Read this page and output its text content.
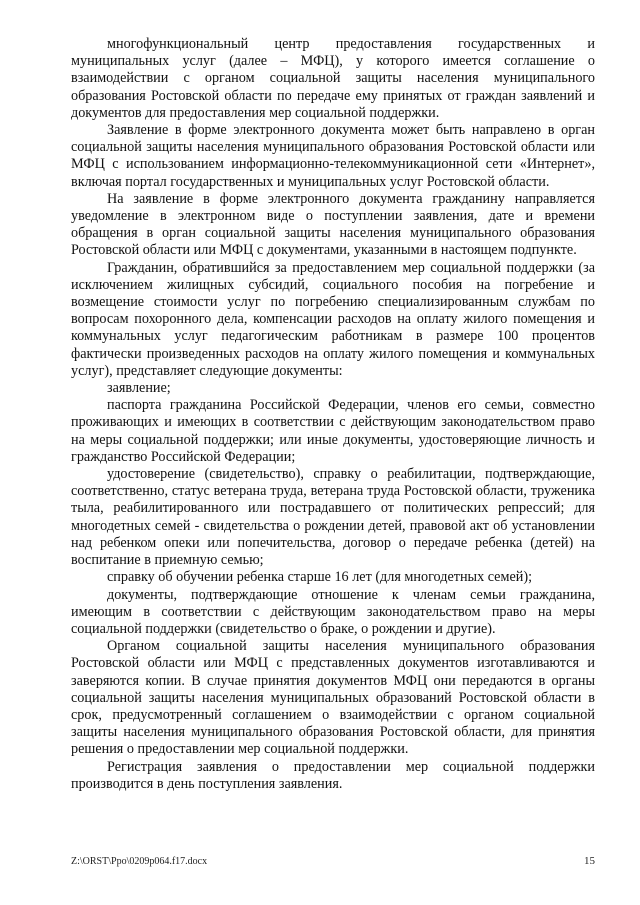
многофункциональный центр предоставления государственных и муниципальных услуг (далее – МФЦ), у которого имеется соглашение о взаимодействии с органом социальной защиты населения муниципального образования Ростовской области по передаче ему принятых от граждан заявлений и документов для предоставления мер социальной поддержки.

Заявление в форме электронного документа может быть направлено в орган социальной защиты населения муниципального образования Ростовской области или МФЦ с использованием информационно-телекоммуникационной сети «Интернет», включая портал государственных и муниципальных услуг Ростовской области.

На заявление в форме электронного документа гражданину направляется уведомление в электронном виде о поступлении заявления, дате и времени обращения в орган социальной защиты населения муниципального образования Ростовской области или МФЦ с документами, указанными в настоящем подпункте.

Гражданин, обратившийся за предоставлением мер социальной поддержки (за исключением жилищных субсидий, социального пособия на погребение и возмещение стоимости услуг по погребению специализированным службам по вопросам похоронного дела, компенсации расходов на оплату жилого помещения и коммунальных услуг педагогическим работникам в размере 100 процентов фактически произведенных расходов на оплату жилого помещения и коммунальных услуг), представляет следующие документы:

заявление;

паспорта гражданина Российской Федерации, членов его семьи, совместно проживающих и имеющих в соответствии с действующим законодательством право на меры социальной поддержки; или иные документы, удостоверяющие личность и гражданство Российской Федерации;

удостоверение (свидетельство), справку о реабилитации, подтверждающие, соответственно, статус ветерана труда, ветерана труда Ростовской области, труженика тыла, реабилитированного или пострадавшего от политических репрессий; для многодетных семей - свидетельства о рождении детей, правовой акт об установлении над ребенком опеки или попечительства, договор о передаче ребенка (детей) на воспитание в приемную семью;

справку об обучении ребенка старше 16 лет (для многодетных семей);

документы, подтверждающие отношение к членам семьи гражданина, имеющим в соответствии с действующим законодательством право на меры социальной поддержки (свидетельство о браке, о рождении и другие).

Органом социальной защиты населения муниципального образования Ростовской области или МФЦ с представленных документов изготавливаются и заверяются копии. В случае принятия документов МФЦ они передаются в органы социальной защиты населения муниципальных образований Ростовской области в срок, предусмотренный соглашением о взаимодействии с органом социальной защиты населения муниципального образования Ростовской области, для принятия решения о предоставлении мер социальной поддержки.

Регистрация заявления о предоставлении мер социальной поддержки производится в день поступления заявления.

Z:\ORST\Ppo\0209p064.f17.docx	15
